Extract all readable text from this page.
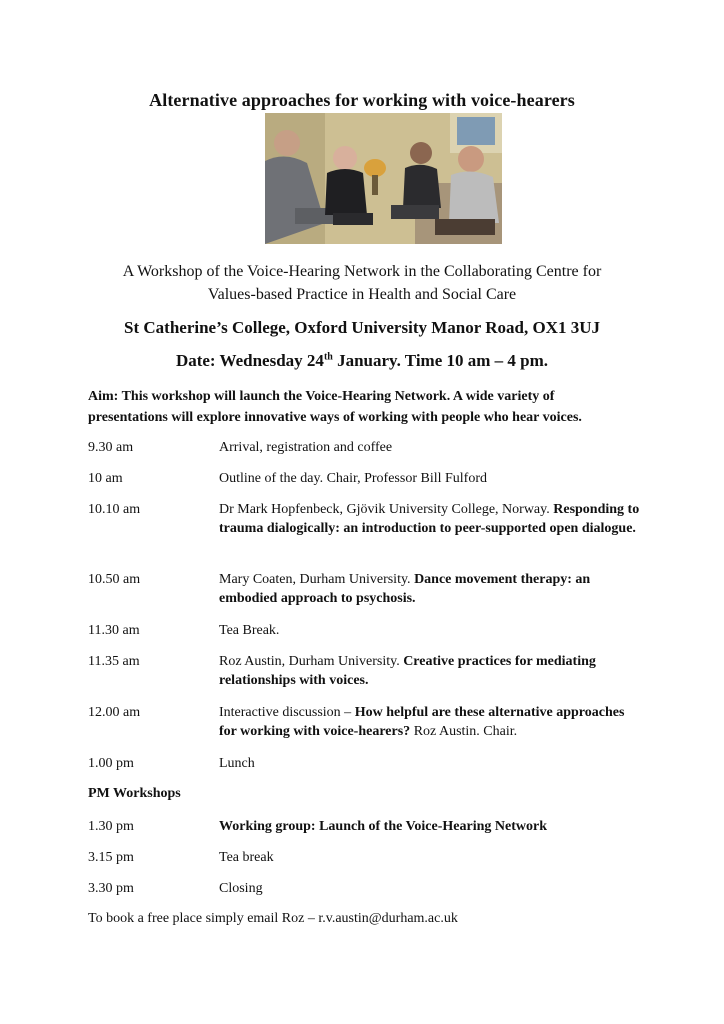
Alternative approaches for working with voice-hearers
A Workshop of the Voice-Hearing Network in the Collaborating Centre for
Values-based Practice in Health and Social Care
St Catherine’s College, Oxford University Manor Road, OX1 3UJ
Date: Wednesday 24th January. Time 10 am – 4 pm.
Aim: This workshop will launch the Voice-Hearing Network. A wide variety of
presentations will explore innovative ways of working with people who hear voices.
9.30 am	Arrival, registration and coffee
10 am	Outline of the day. Chair, Professor Bill Fulford
10.10 am	Dr Mark Hopfenbeck, Gjövik University College, Norway. Responding to trauma dialogically: an introduction to peer-supported open dialogue.
10.50 am	Mary Coaten, Durham University. Dance movement therapy: an embodied approach to psychosis.
11.30 am	Tea Break.
11.35 am	Roz Austin, Durham University. Creative practices for mediating relationships with voices.
12.00 am	Interactive discussion – How helpful are these alternative approaches for working with voice-hearers? Roz Austin. Chair.
1.00 pm	Lunch
PM Workshops
1.30 pm	Working group: Launch of the Voice-Hearing Network
3.15 pm	Tea break
3.30 pm	Closing
To book a free place simply email Roz – r.v.austin@durham.ac.uk
